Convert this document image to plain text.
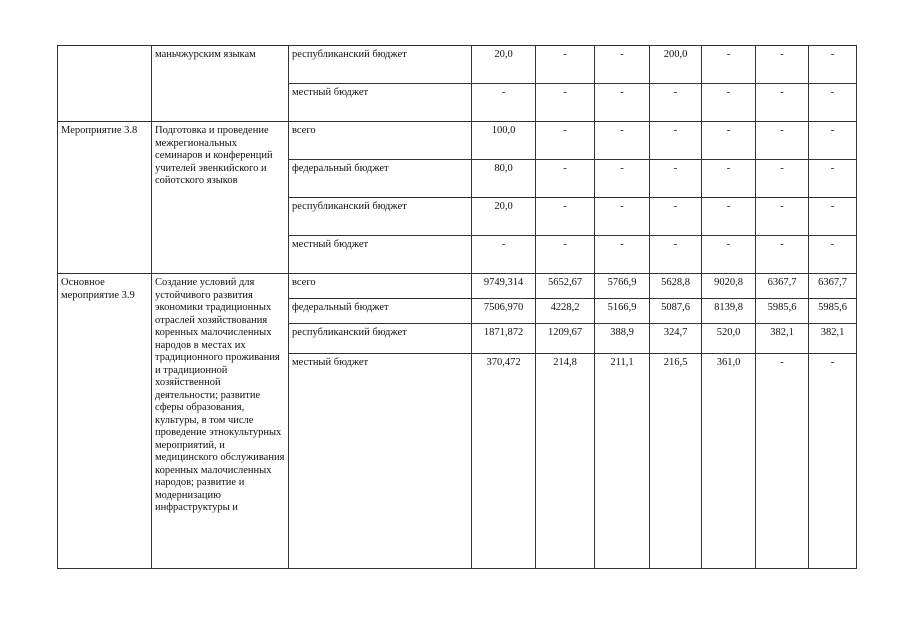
	маньчжурским языкам	республиканский бюджет	20,0	-	-	200,0	-	-	-
		местный бюджет	-	-	-	-	-	-	-
Мероприятие 3.8	Подготовка и проведение межрегиональных семинаров и конференций учителей эвенкийского и сойотского языков	всего	100,0	-	-	-	-	-	-
		федеральный бюджет	80,0	-	-	-	-	-	-
		республиканский бюджет	20,0	-	-	-	-	-	-
		местный бюджет	-	-	-	-	-	-	-
Основное мероприятие 3.9	Создание условий для устойчивого развития экономики традиционных отраслей хозяйствования коренных малочисленных народов в местах их традиционного проживания и традиционной хозяйственной деятельности; развитие сферы образования, культуры, в том числе проведение этнокультурных мероприятий, и медицинского обслуживания коренных малочисленных народов; развитие и модернизацию инфраструктуры и	всего	9749,314	5652,67	5766,9	5628,8	9020,8	6367,7	6367,7
		федеральный бюджет	7506,970	4228,2	5166,9	5087,6	8139,8	5985,6	5985,6
		республиканский бюджет	1871,872	1209,67	388,9	324,7	520,0	382,1	382,1
		местный бюджет	370,472	214,8	211,1	216,5	361,0	-	-
